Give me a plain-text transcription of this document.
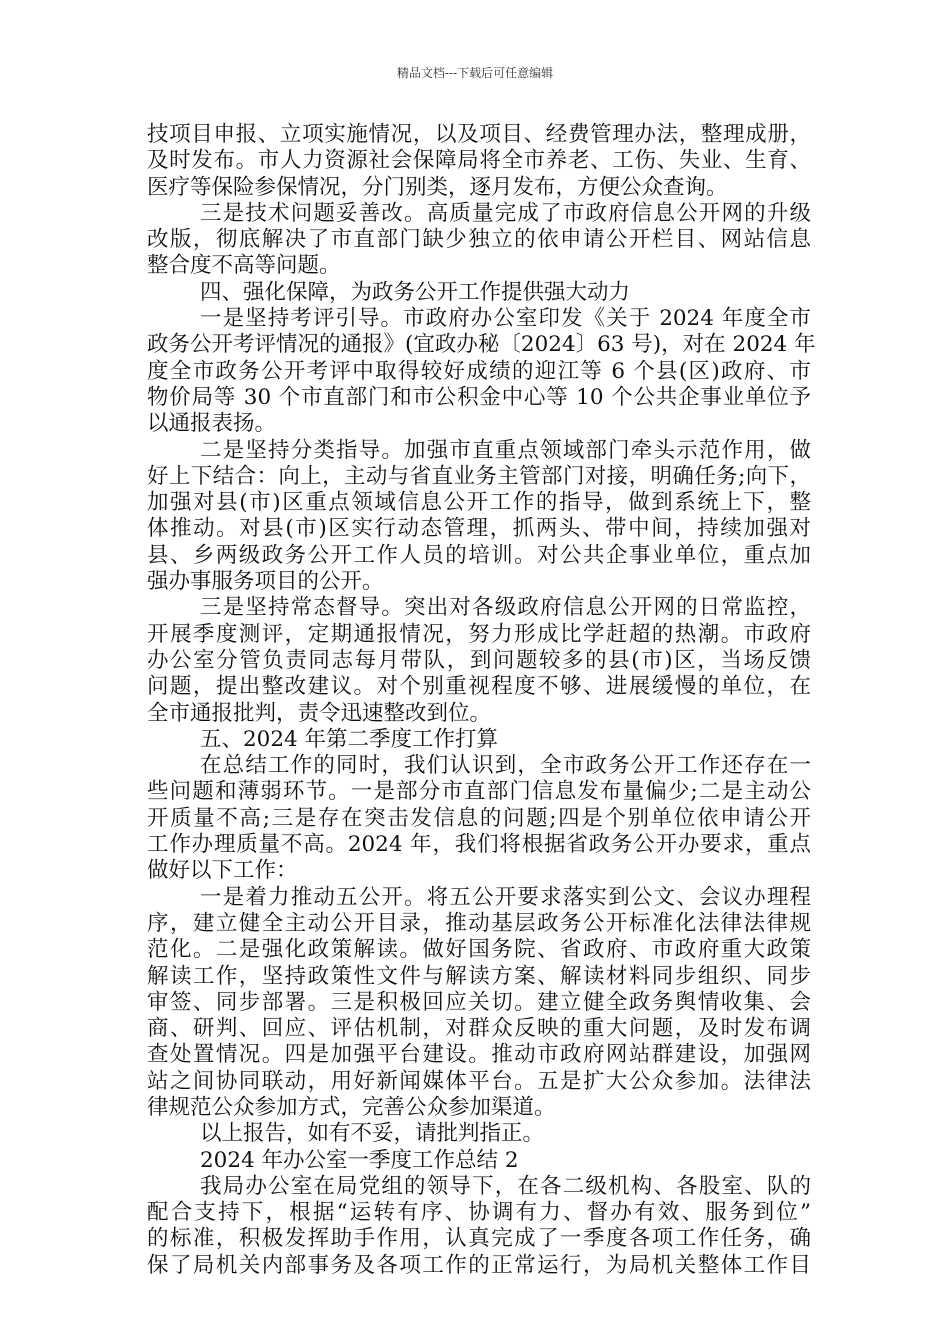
精品文档---下载后可任意编辑
技项目申报、立项实施情况，以及项目、经费管理办法，整理成册，
及时发布。市人力资源社会保障局将全市养老、工伤、失业、生育、
医疗等保险参保情况，分门别类，逐月发布，方便公众查询。
三是技术问题妥善改。高质量完成了市政府信息公开网的升级
改版，彻底解决了市直部门缺少独立的依申请公开栏目、网站信息
整合度不高等问题。
四、强化保障，为政务公开工作提供强大动力
一是坚持考评引导。市政府办公室印发《关于 2024 年度全市
政务公开考评情况的通报》(宜政办秘〔2024〕63 号)，对在 2024 年
度全市政务公开考评中取得较好成绩的迎江等 6 个县(区)政府、市
物价局等 30 个市直部门和市公积金中心等 10 个公共企事业单位予
以通报表扬。
二是坚持分类指导。加强市直重点领域部门牵头示范作用，做
好上下结合：向上，主动与省直业务主管部门对接，明确任务;向下，
加强对县(市)区重点领域信息公开工作的指导，做到系统上下，整
体推动。对县(市)区实行动态管理，抓两头、带中间，持续加强对
县、乡两级政务公开工作人员的培训。对公共企事业单位，重点加
强办事服务项目的公开。
三是坚持常态督导。突出对各级政府信息公开网的日常监控，
开展季度测评，定期通报情况，努力形成比学赶超的热潮。市政府
办公室分管负责同志每月带队，到问题较多的县(市)区，当场反馈
问题，提出整改建议。对个别重视程度不够、进展缓慢的单位，在
全市通报批判，责令迅速整改到位。
五、2024 年第二季度工作打算
在总结工作的同时，我们认识到，全市政务公开工作还存在一
些问题和薄弱环节。一是部分市直部门信息发布量偏少;二是主动公
开质量不高;三是存在突击发信息的问题;四是个别单位依申请公开
工作办理质量不高。2024 年，我们将根据省政务公开办要求，重点
做好以下工作：
一是着力推动五公开。将五公开要求落实到公文、会议办理程
序，建立健全主动公开目录，推动基层政务公开标准化法律法律规
范化。二是强化政策解读。做好国务院、省政府、市政府重大政策
解读工作，坚持政策性文件与解读方案、解读材料同步组织、同步
审签、同步部署。三是积极回应关切。建立健全政务舆情收集、会
商、研判、回应、评估机制，对群众反映的重大问题，及时发布调
查处置情况。四是加强平台建设。推动市政府网站群建设，加强网
站之间协同联动，用好新闻媒体平台。五是扩大公众参加。法律法
律规范公众参加方式，完善公众参加渠道。
以上报告，如有不妥，请批判指正。
2024 年办公室一季度工作总结 2
我局办公室在局党组的领导下，在各二级机构、各股室、队的
配合支持下，根据“运转有序、协调有力、督办有效、服务到位”
的标准，积极发挥助手作用，认真完成了一季度各项工作任务，确
保了局机关内部事务及各项工作的正常运行，为局机关整体工作目
